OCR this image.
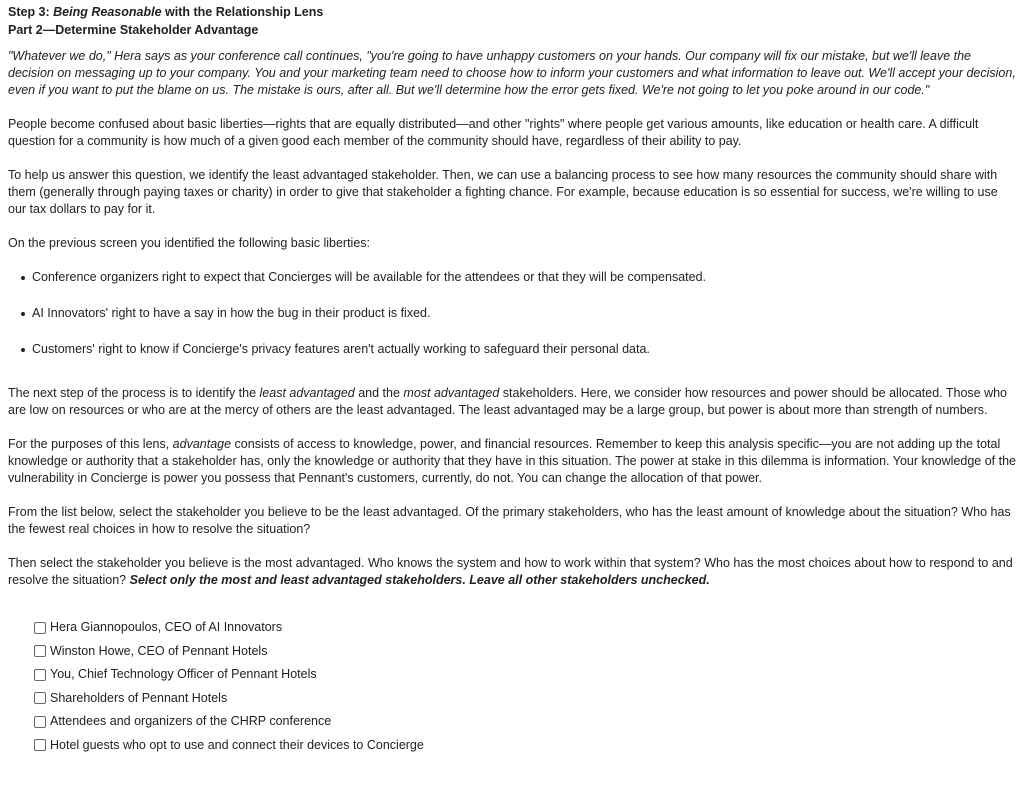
Step 3: Being Reasonable with the Relationship Lens

Part 2—Determine Stakeholder Advantage

"Whatever we do," Hera says as your conference call continues, "you're going to have unhappy customers on your hands. Our company will fix our mistake, but we'll leave the decision on messaging up to your company. You and your marketing team need to choose how to inform your customers and what information to leave out. We'll accept your decision, even if you want to put the blame on us. The mistake is ours, after all. But we'll determine how the error gets fixed. We're not going to let you poke around in our code."

People become confused about basic liberties—rights that are equally distributed—and other "rights" where people get various amounts, like education or health care. A difficult question for a community is how much of a given good each member of the community should have, regardless of their ability to pay.

To help us answer this question, we identify the least advantaged stakeholder. Then, we can use a balancing process to see how many resources the community should share with them (generally through paying taxes or charity) in order to give that stakeholder a fighting chance. For example, because education is so essential for success, we're willing to use our tax dollars to pay for it.

On the previous screen you identified the following basic liberties:

Conference organizers right to expect that Concierges will be available for the attendees or that they will be compensated.
AI Innovators' right to have a say in how the bug in their product is fixed.
Customers' right to know if Concierge's privacy features aren't actually working to safeguard their personal data.

The next step of the process is to identify the least advantaged and the most advantaged stakeholders. Here, we consider how resources and power should be allocated. Those who are low on resources or who are at the mercy of others are the least advantaged. The least advantaged may be a large group, but power is about more than strength of numbers.

For the purposes of this lens, advantage consists of access to knowledge, power, and financial resources. Remember to keep this analysis specific—you are not adding up the total knowledge or authority that a stakeholder has, only the knowledge or authority that they have in this situation. The power at stake in this dilemma is information. Your knowledge of the vulnerability in Concierge is power you possess that Pennant's customers, currently, do not. You can change the allocation of that power.

From the list below, select the stakeholder you believe to be the least advantaged. Of the primary stakeholders, who has the least amount of knowledge about the situation? Who has the fewest real choices in how to resolve the situation?

Then select the stakeholder you believe is the most advantaged. Who knows the system and how to work within that system? Who has the most choices about how to respond to and resolve the situation? Select only the most and least advantaged stakeholders. Leave all other stakeholders unchecked.

Hera Giannopoulos, CEO of AI Innovators
Winston Howe, CEO of Pennant Hotels
You, Chief Technology Officer of Pennant Hotels
Shareholders of Pennant Hotels
Attendees and organizers of the CHRP conference
Hotel guests who opt to use and connect their devices to Concierge
